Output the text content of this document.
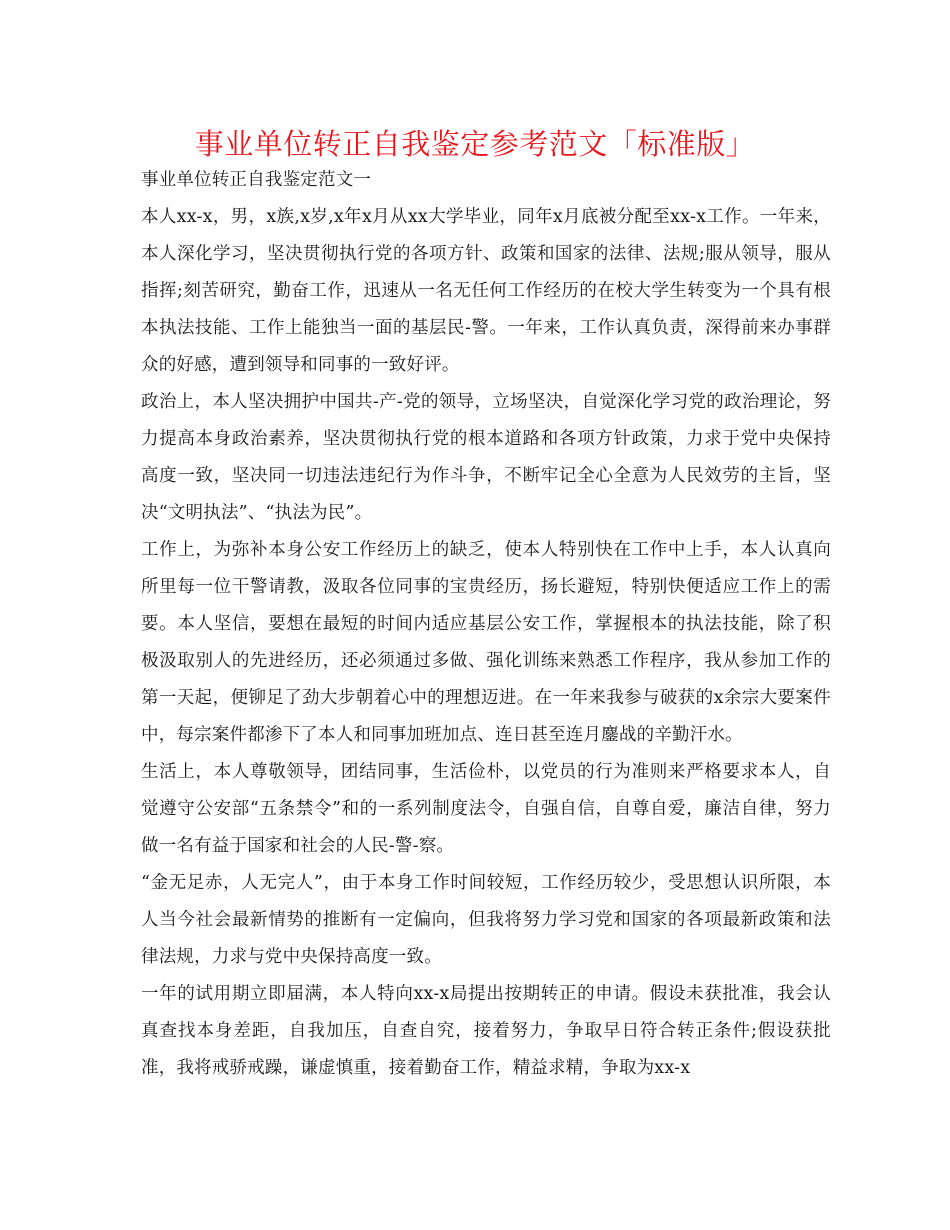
事业单位转正自我鉴定参考范文「标准版」

事业单位转正自我鉴定范文一

本人xx-x，男，x族,x岁,x年x月从xx大学毕业，同年x月底被分配至xx-x工作。一年来，本人深化学习，坚决贯彻执行党的各项方针、政策和国家的法律、法规;服从领导，服从指挥;刻苦研究，勤奋工作，迅速从一名无任何工作经历的在校大学生转变为一个具有根本执法技能、工作上能独当一面的基层民-警。一年来，工作认真负责，深得前来办事群众的好感，遭到领导和同事的一致好评。

政治上，本人坚决拥护中国共-产-党的领导，立场坚决，自觉深化学习党的政治理论，努力提高本身政治素养，坚决贯彻执行党的根本道路和各项方针政策，力求于党中央保持高度一致，坚决同一切违法违纪行为作斗争，不断牢记全心全意为人民效劳的主旨，坚决“文明执法”、“执法为民”。

工作上，为弥补本身公安工作经历上的缺乏，使本人特别快在工作中上手，本人认真向所里每一位干警请教，汲取各位同事的宝贵经历，扬长避短，特别快便适应工作上的需要。本人坚信，要想在最短的时间内适应基层公安工作，掌握根本的执法技能，除了积极汲取别人的先进经历，还必须通过多做、强化训练来熟悉工作程序，我从参加工作的第一天起，便铆足了劲大步朝着心中的理想迈进。在一年来我参与破获的x余宗大要案件中，每宗案件都渗下了本人和同事加班加点、连日甚至连月鏖战的辛勤汗水。

生活上，本人尊敬领导，团结同事，生活俭朴，以党员的行为准则来严格要求本人，自觉遵守公安部“五条禁令”和的一系列制度法令，自强自信，自尊自爱，廉洁自律，努力做一名有益于国家和社会的人民-警-察。

“金无足赤，人无完人”，由于本身工作时间较短，工作经历较少，受思想认识所限，本人当今社会最新情势的推断有一定偏向，但我将努力学习党和国家的各项最新政策和法律法规，力求与党中央保持高度一致。

一年的试用期立即届满，本人特向xx-x局提出按期转正的申请。假设未获批准，我会认真查找本身差距，自我加压，自查自究，接着努力，争取早日符合转正条件;假设获批准，我将戒骄戒躁，谦虚慎重，接着勤奋工作，精益求精，争取为xx-x
